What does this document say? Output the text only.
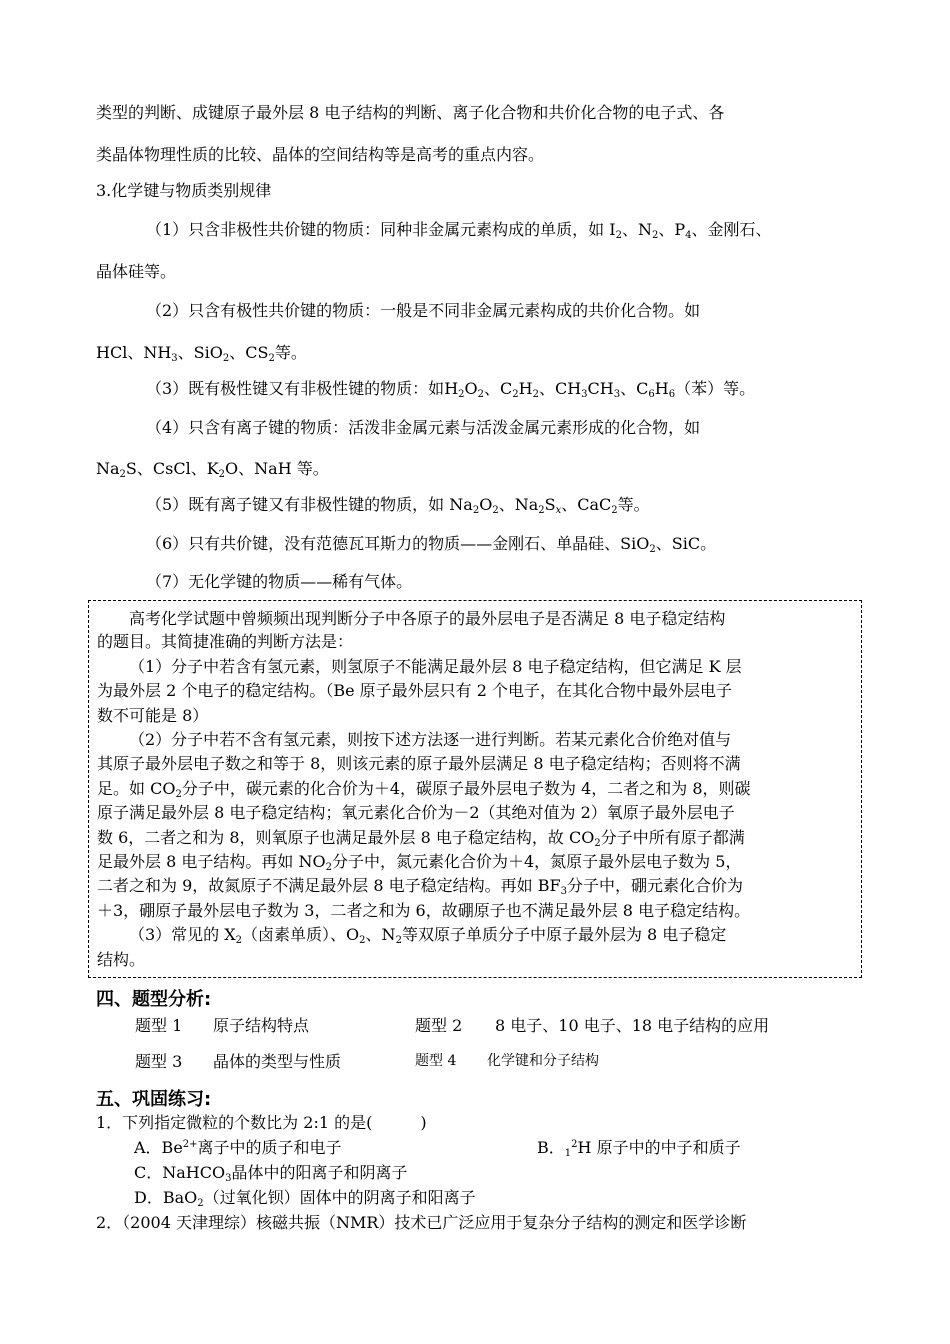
类型的判断、成键原子最外层 8 电子结构的判断、离子化合物和共价化合物的电子式、各
类晶体物理性质的比较、晶体的空间结构等是高考的重点内容。
3.化学键与物质类别规律
（1）只含非极性共价键的物质：同种非金属元素构成的单质，如 $I_2$、$N_2$、$P_4$、金刚石、
晶体硅等。
（2）只含有极性共价键的物质：一般是不同非金属元素构成的共价化合物。如
HCl、$NH_3$、SiO$_2$、$CS_2$等。
（3）既有极性键又有非极性键的物质：如$H_2O_2$、$C_2H_2$、$CH_3CH_3$、$C_6H_6$（苯）等。
（4）只含有离子键的物质：活泼非金属元素与活泼金属元素形成的化合物，如
$Na_2S$、CsCl、$K_2O$、NaH 等。
（5）既有离子键又有非极性键的物质，如 $Na_2O_2$、$Na_2S_x$、CaC$_2$等。
（6）只有共价键，没有范德瓦耳斯力的物质——金刚石、单晶硅、SiO$_2$、SiC。
（7）无化学键的物质——稀有气体。
高考化学试题中曾频频出现判断分子中各原子的最外层电子是否满足 8 电子稳定结构
的题目。其简捷准确的判断方法是：
（1）分子中若含有氢元素，则氢原子不能满足最外层 8 电子稳定结构，但它满足 K 层
为最外层 2 个电子的稳定结构。（Be 原子最外层只有 2 个电子，在其化合物中最外层电子
数不可能是 8）
（2）分子中若不含有氢元素，则按下述方法逐一进行判断。若某元素化合价绝对值与
其原子最外层电子数之和等于 8，则该元素的原子最外层满足 8 电子稳定结构；否则将不满
足。如 $CO_2$分子中，碳元素的化合价为＋4，碳原子最外层电子数为 4，二者之和为 8，则碳
原子满足最外层 8 电子稳定结构；氧元素化合价为－2（其绝对值为 2）氧原子最外层电子
数 6，二者之和为 8，则氧原子也满足最外层 8 电子稳定结构，故 $CO_2$分子中所有原子都满
足最外层 8 电子结构。再如 $NO_2$分子中，氮元素化合价为＋4，氮原子最外层电子数为 5，
二者之和为 9，故氮原子不满足最外层 8 电子稳定结构。再如 $BF_3$分子中，硼元素化合价为
＋3，硼原子最外层电子数为 3，二者之和为 6，故硼原子也不满足最外层 8 电子稳定结构。
（3）常见的 $X_2$（卤素单质）、$O_2$、$N_2$等双原子单质分子中原子最外层为 8 电子稳定
结构。
四、题型分析:
题型 1 原子结构特点	题型 2 8 电子、10 电子、18 电子结构的应用
题型 3 晶体的类型与性质	题型 4 化学键和分子结构
五、巩固练习:
1．下列指定微粒的个数比为 2:1 的是(　　　)
A．$Be^{2+}$离子中的质子和电子	B．$_1^2$H 原子中的中子和质子
C．NaHCO$_3$晶体中的阳离子和阴离子
D．BaO$_2$（过氧化钡）固体中的阴离子和阳离子
2．（2004 天津理综）核磁共振（NMR）技术已广泛应用于复杂分子结构的测定和医学诊断
